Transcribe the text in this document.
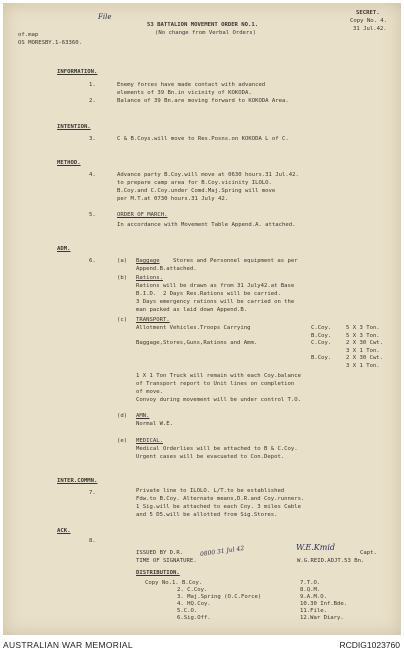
File	SECRET.
Copy No. 4.
31 Jul.42.
53 BATTALION MOVEMENT ORDER NO.1.
(No change from Verbal Orders)
of.map
OS MORESBY.1-63360.
INFORMATION.
1.	Enemy forces have made contact with advanced
elements of 39 Bn.in vicinity of KOKODA.
2.	Balance of 39 Bn.are moving forward to KOKODA Area.
INTENTION.
3.	C & B.Coys.will move to Res.Posns.on KOKODA L of C.
METHOD.
4.	Advance party B.Coy.will move at 0630 hours.31 Jul.42.
to prepare camp area for B.Coy.vicinity ILOLO.
B.Coy.and C.Coy.under Comd.Maj.Spring will move
per M.T.at 0730 hours.31 July 42.
5.	ORDER OF MARCH.
In accordance with Movement Table Append.A. attached.
ADM.
6.	(a) Baggage Stores and Personnel equipment as per
Append.B.attached.
(b) Rations.
Rations will be drawn as from 31 July42.at Base
B.I.D.  2 Days Res.Rations will be carried.
3 Days emergency rations will be carried on the
man packed as laid down Append.B.
(c) TRANSPORT.
Allotment Vehicles.Troops Carrying
Baggage,Stores,Guns,Rations and Amm.
C.Coy.	5 X 3 Ton.
B.Coy.	5 X 3 Ton.
C.Coy.	2 X 30 Cwt.
3 X 1 Ton.
B.Coy.	2 X 30 Cwt.
3 X 1 Ton.
1 X 1 Ton Truck will remain with each Coy.balance
of Transport report to Unit lines on completion
of move.
Convoy during movement will be under control T.O.
(d) AMN.
Normal W.E.
(e) MEDICAL.
Medical Orderlies will be attached to B & C.Coy.
Urgent cases will be evacuated to Con.Depot.
INTER.COMMN.
7.	Private line to ILOLO. L/T.to be established
Fdw.to B.Coy. Alternate means,D.R.and Coy.runners.
1 Sig.will be attached to each Coy. 3 miles Cable
and 5 D5.will be allotted from Sig.Stores.
ACK.
8.
ISSUED BY D.R.
TIME OF SIGNATURE.
0800 31 Jul 42	W.E.Kmid
Capt.
W.G.REID.ADJT.53 Bn.
DISTRIBUTION.
Copy No.1. B.Coy.
2. C.Coy.
3. Maj.Spring (O.C.Force)
4. HQ.Coy.
5.C.O.
6.Sig.Off.
7.T.O.
8.Q.M.
9.A.M.O.
10.30 Inf.Bde.
11.File.
12.War Diary.
AUSTRALIAN WAR MEMORIAL	RCDIG1023760
